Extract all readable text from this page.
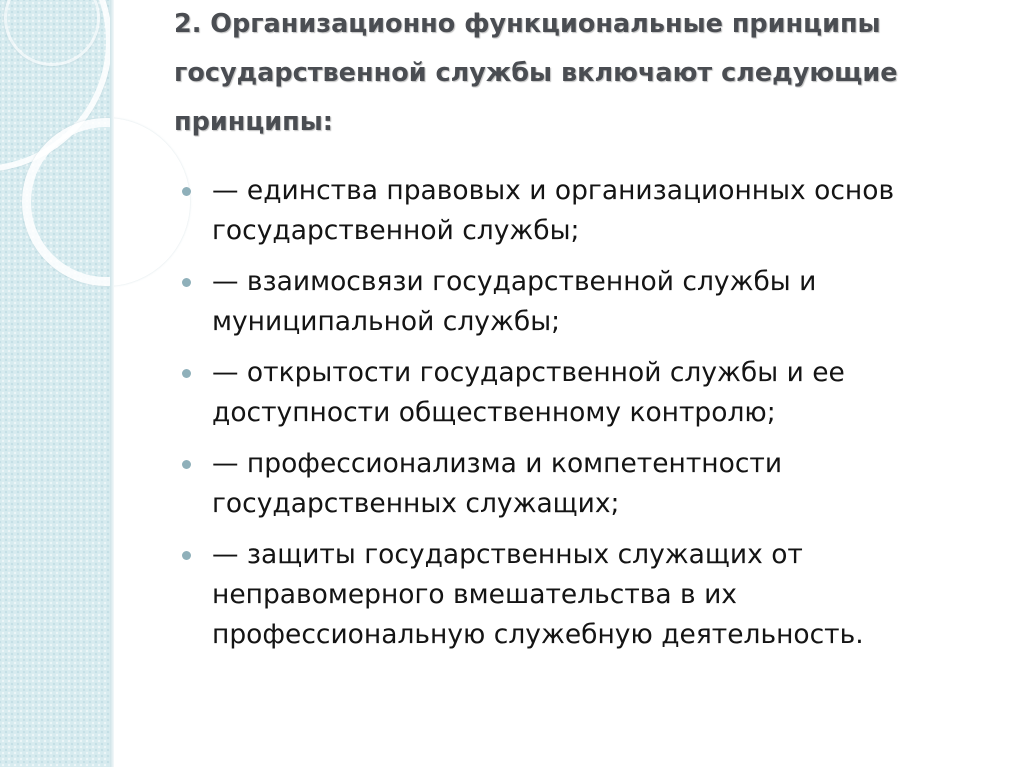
2. Организационно функциональные принципы государственной службы включают следующие принципы:
— единства правовых и организационных основ государственной службы;
— взаимосвязи государственной службы и муниципальной службы;
— открытости государственной службы и ее доступности общественному контролю;
— профессионализма и компетентности государственных служащих;
— защиты государственных служащих от неправомерного вмешательства в их профессиональную служебную деятельность.
